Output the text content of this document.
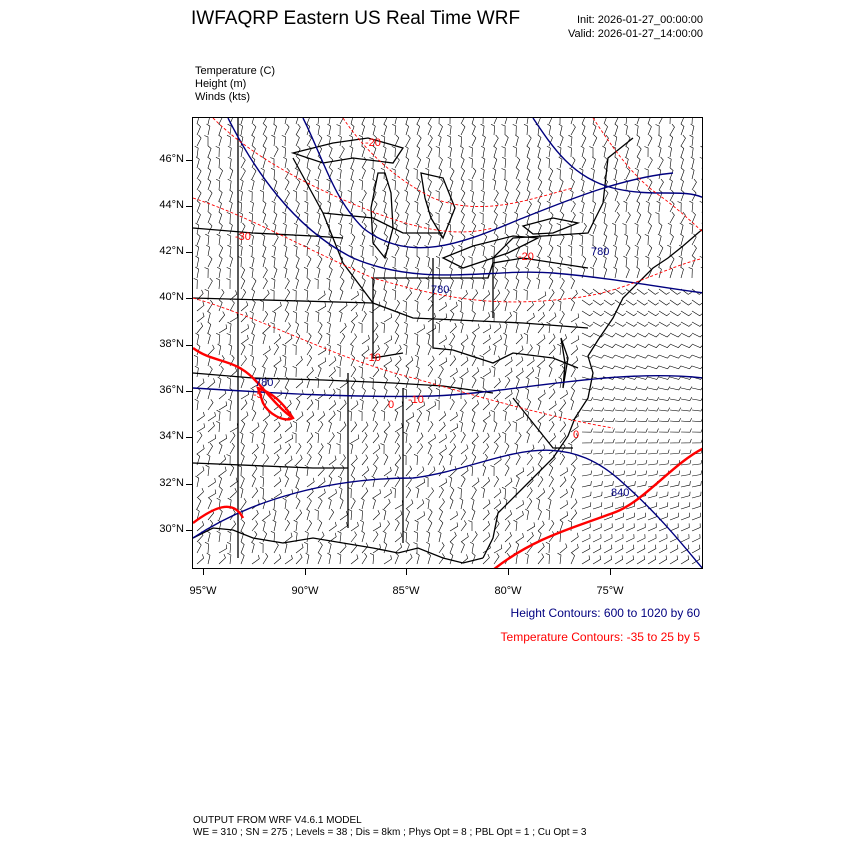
IWFAQRP Eastern US Real Time WRF	Init: 2026-01-27_00:00:00
Valid: 2026-01-27_14:00:00
Temperature (C)
Height (m)
Winds (kts)
780
780
780
840
-20
-30
-20
-10
0 -10
0
-5
46°N
44°N
42°N
40°N
38°N
36°N
34°N
32°N
30°N
95°W	90°W	85°W	80°W	75°W
Height Contours: 600 to 1020 by 60
Temperature Contours: -35 to 25 by 5
OUTPUT FROM WRF V4.6.1 MODEL
WE = 310 ; SN = 275 ; Levels = 38 ; Dis = 8km ; Phys Opt = 8 ; PBL Opt = 1 ; Cu Opt = 3
